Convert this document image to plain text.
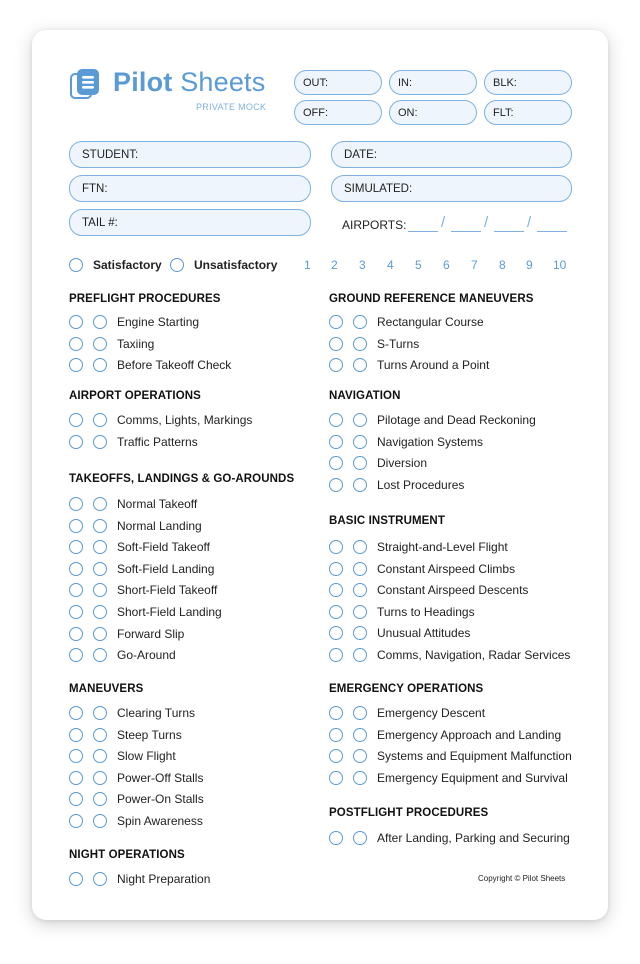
Pilot Sheets
PRIVATE MOCK
OUT:	IN:	BLK:
OFF:	ON:	FLT:
STUDENT:	DATE:
FTN:	SIMULATED:
TAIL #:	AIRPORTS: /	/	/
Satisfactory	Unsatisfactory 1 2 3 4 5 6 7 8 9 10
PREFLIGHT PROCEDURES
Engine Starting
Taxiing
Before Takeoff Check
AIRPORT OPERATIONS
Comms, Lights, Markings
Traffic Patterns
TAKEOFFS, LANDINGS & GO-AROUNDS
Normal Takeoff
Normal Landing
Soft-Field Takeoff
Soft-Field Landing
Short-Field Takeoff
Short-Field Landing
Forward Slip
Go-Around
MANEUVERS
Clearing Turns
Steep Turns
Slow Flight
Power-Off Stalls
Power-On Stalls
Spin Awareness
NIGHT OPERATIONS
Night Preparation
GROUND REFERENCE MANEUVERS
Rectangular Course
S-Turns
Turns Around a Point
NAVIGATION
Pilotage and Dead Reckoning
Navigation Systems
Diversion
Lost Procedures
BASIC INSTRUMENT
Straight-and-Level Flight
Constant Airspeed Climbs
Constant Airspeed Descents
Turns to Headings
Unusual Attitudes
Comms, Navigation, Radar Services
EMERGENCY OPERATIONS
Emergency Descent
Emergency Approach and Landing
Systems and Equipment Malfunction
Emergency Equipment and Survival
POSTFLIGHT PROCEDURES
After Landing, Parking and Securing
Copyright © Pilot Sheets
